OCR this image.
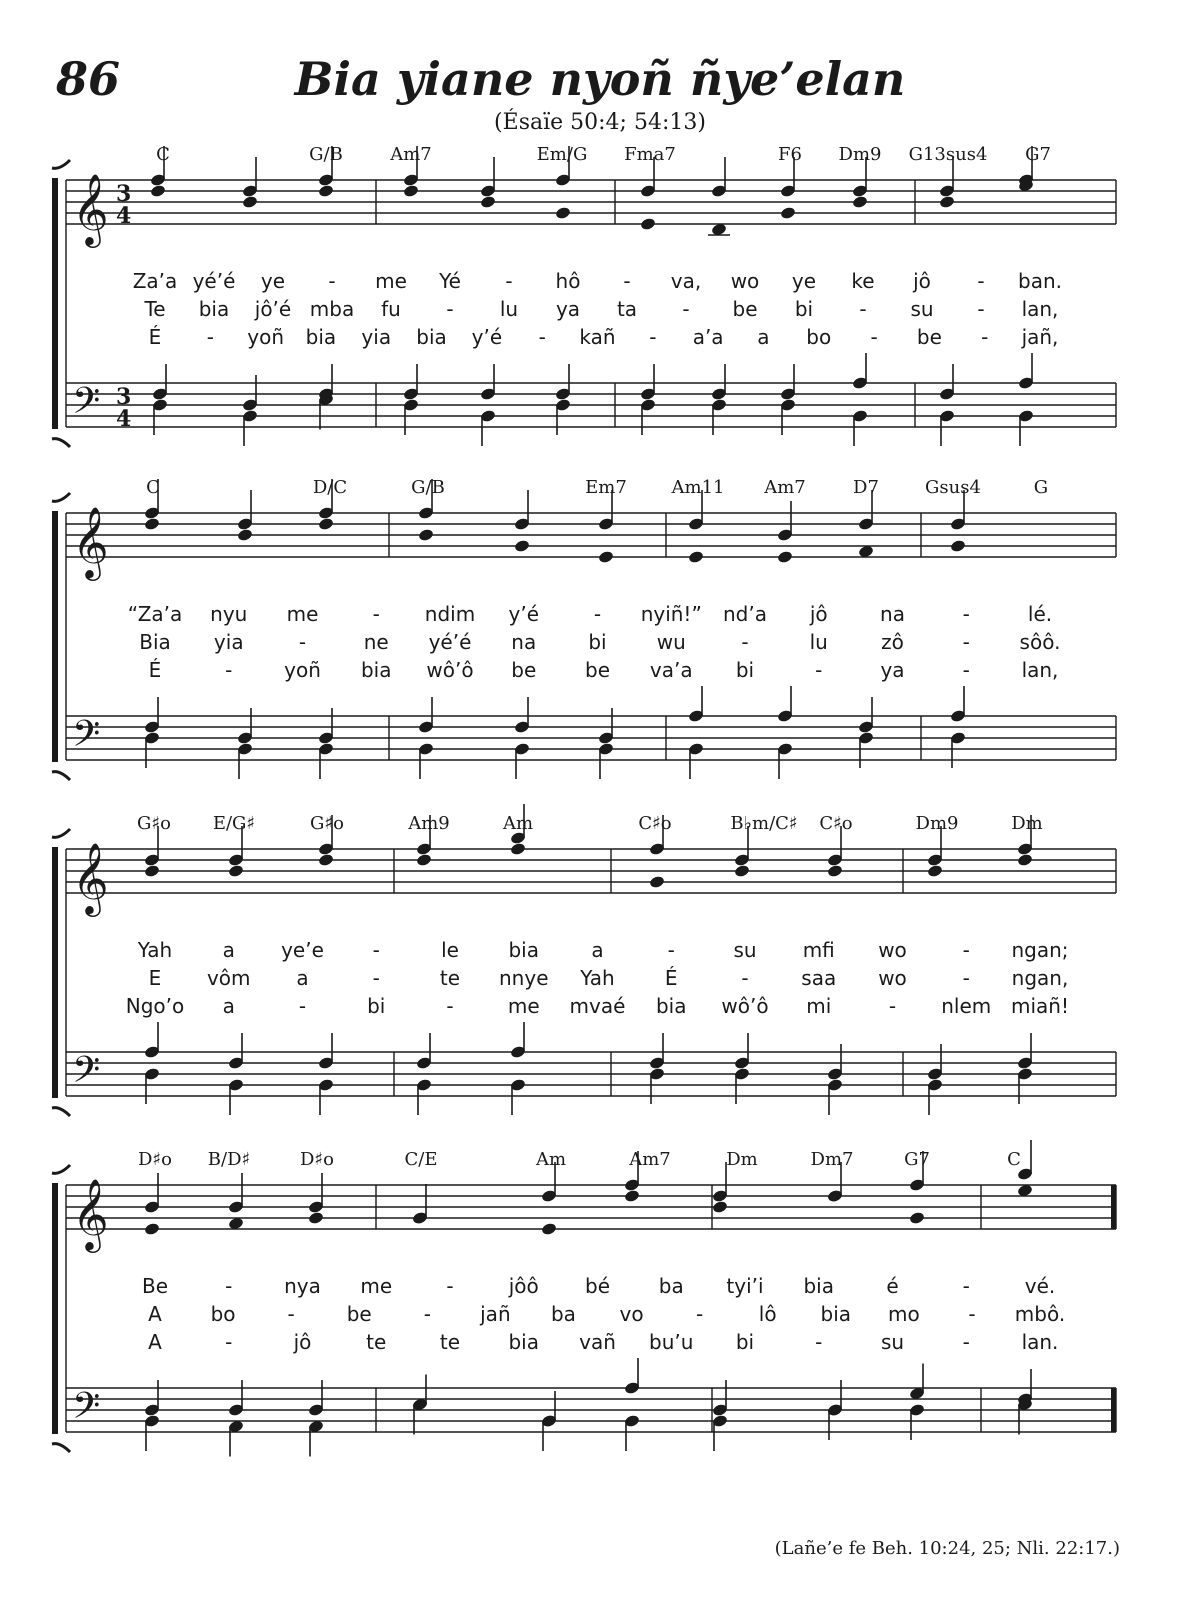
86	Bia yiane nyoñ ñye’elan
(Ésaïe 50:4; 54:13)
𝄞
𝄢
3
4
3
4
C	G/B	Am7	Em/G Fma7	F6 Dm9 G13sus4 G7
Za’a yé’é ye - me Yé - hô - va, wo ye ke jô - ban.
Te bia jô’é mba fu - lu ya ta - be bi - su - lan,
É - yoñ bia yia bia y’é - kañ - a’a a bo - be - jañ,
𝄞
𝄢
C	D/C	G/B	Em7 Am11 Am7	D7	Gsus4	G
“Za’a nyu me	- ndim y’é	- nyiñ!” nd’a jô	na	-	lé.
Bia yia	-	ne yé’é na	bi	wu	-	lu	zô	- sôô.
É	-	yoñ bia wô’ô be be va’a bi	-	ya	-	lan,
𝄞
𝄢
G♯o E/G♯	G♯o	Am9	Am	C♯o	B♭m/C♯ C♯o	Dm9	Dm
Yah	a ye’e -	le bia	a	-	su mfi wo	- ngan;
E vôm a	-	te nnye Yah	É	-	saa wo	- ngan,
Ngo’o a	-	bi	-	me mvaé bia wô’ô mi	- nlem miañ!
𝄞
𝄢
D♯o B/D♯	D♯o	C/E	Am	Am7	Dm	Dm7	G7	C
Be	-	nya me	-	jôô bé ba tyi’i bia	é	-	vé.
A bo	-	be	- jañ ba vo	-	lô bia mo - mbô.
A	-	jô	te	te bia vañ bu’u bi	-	su	-	lan.
(Lañe’e fe Beh. 10:24, 25; Nli. 22:17.)
